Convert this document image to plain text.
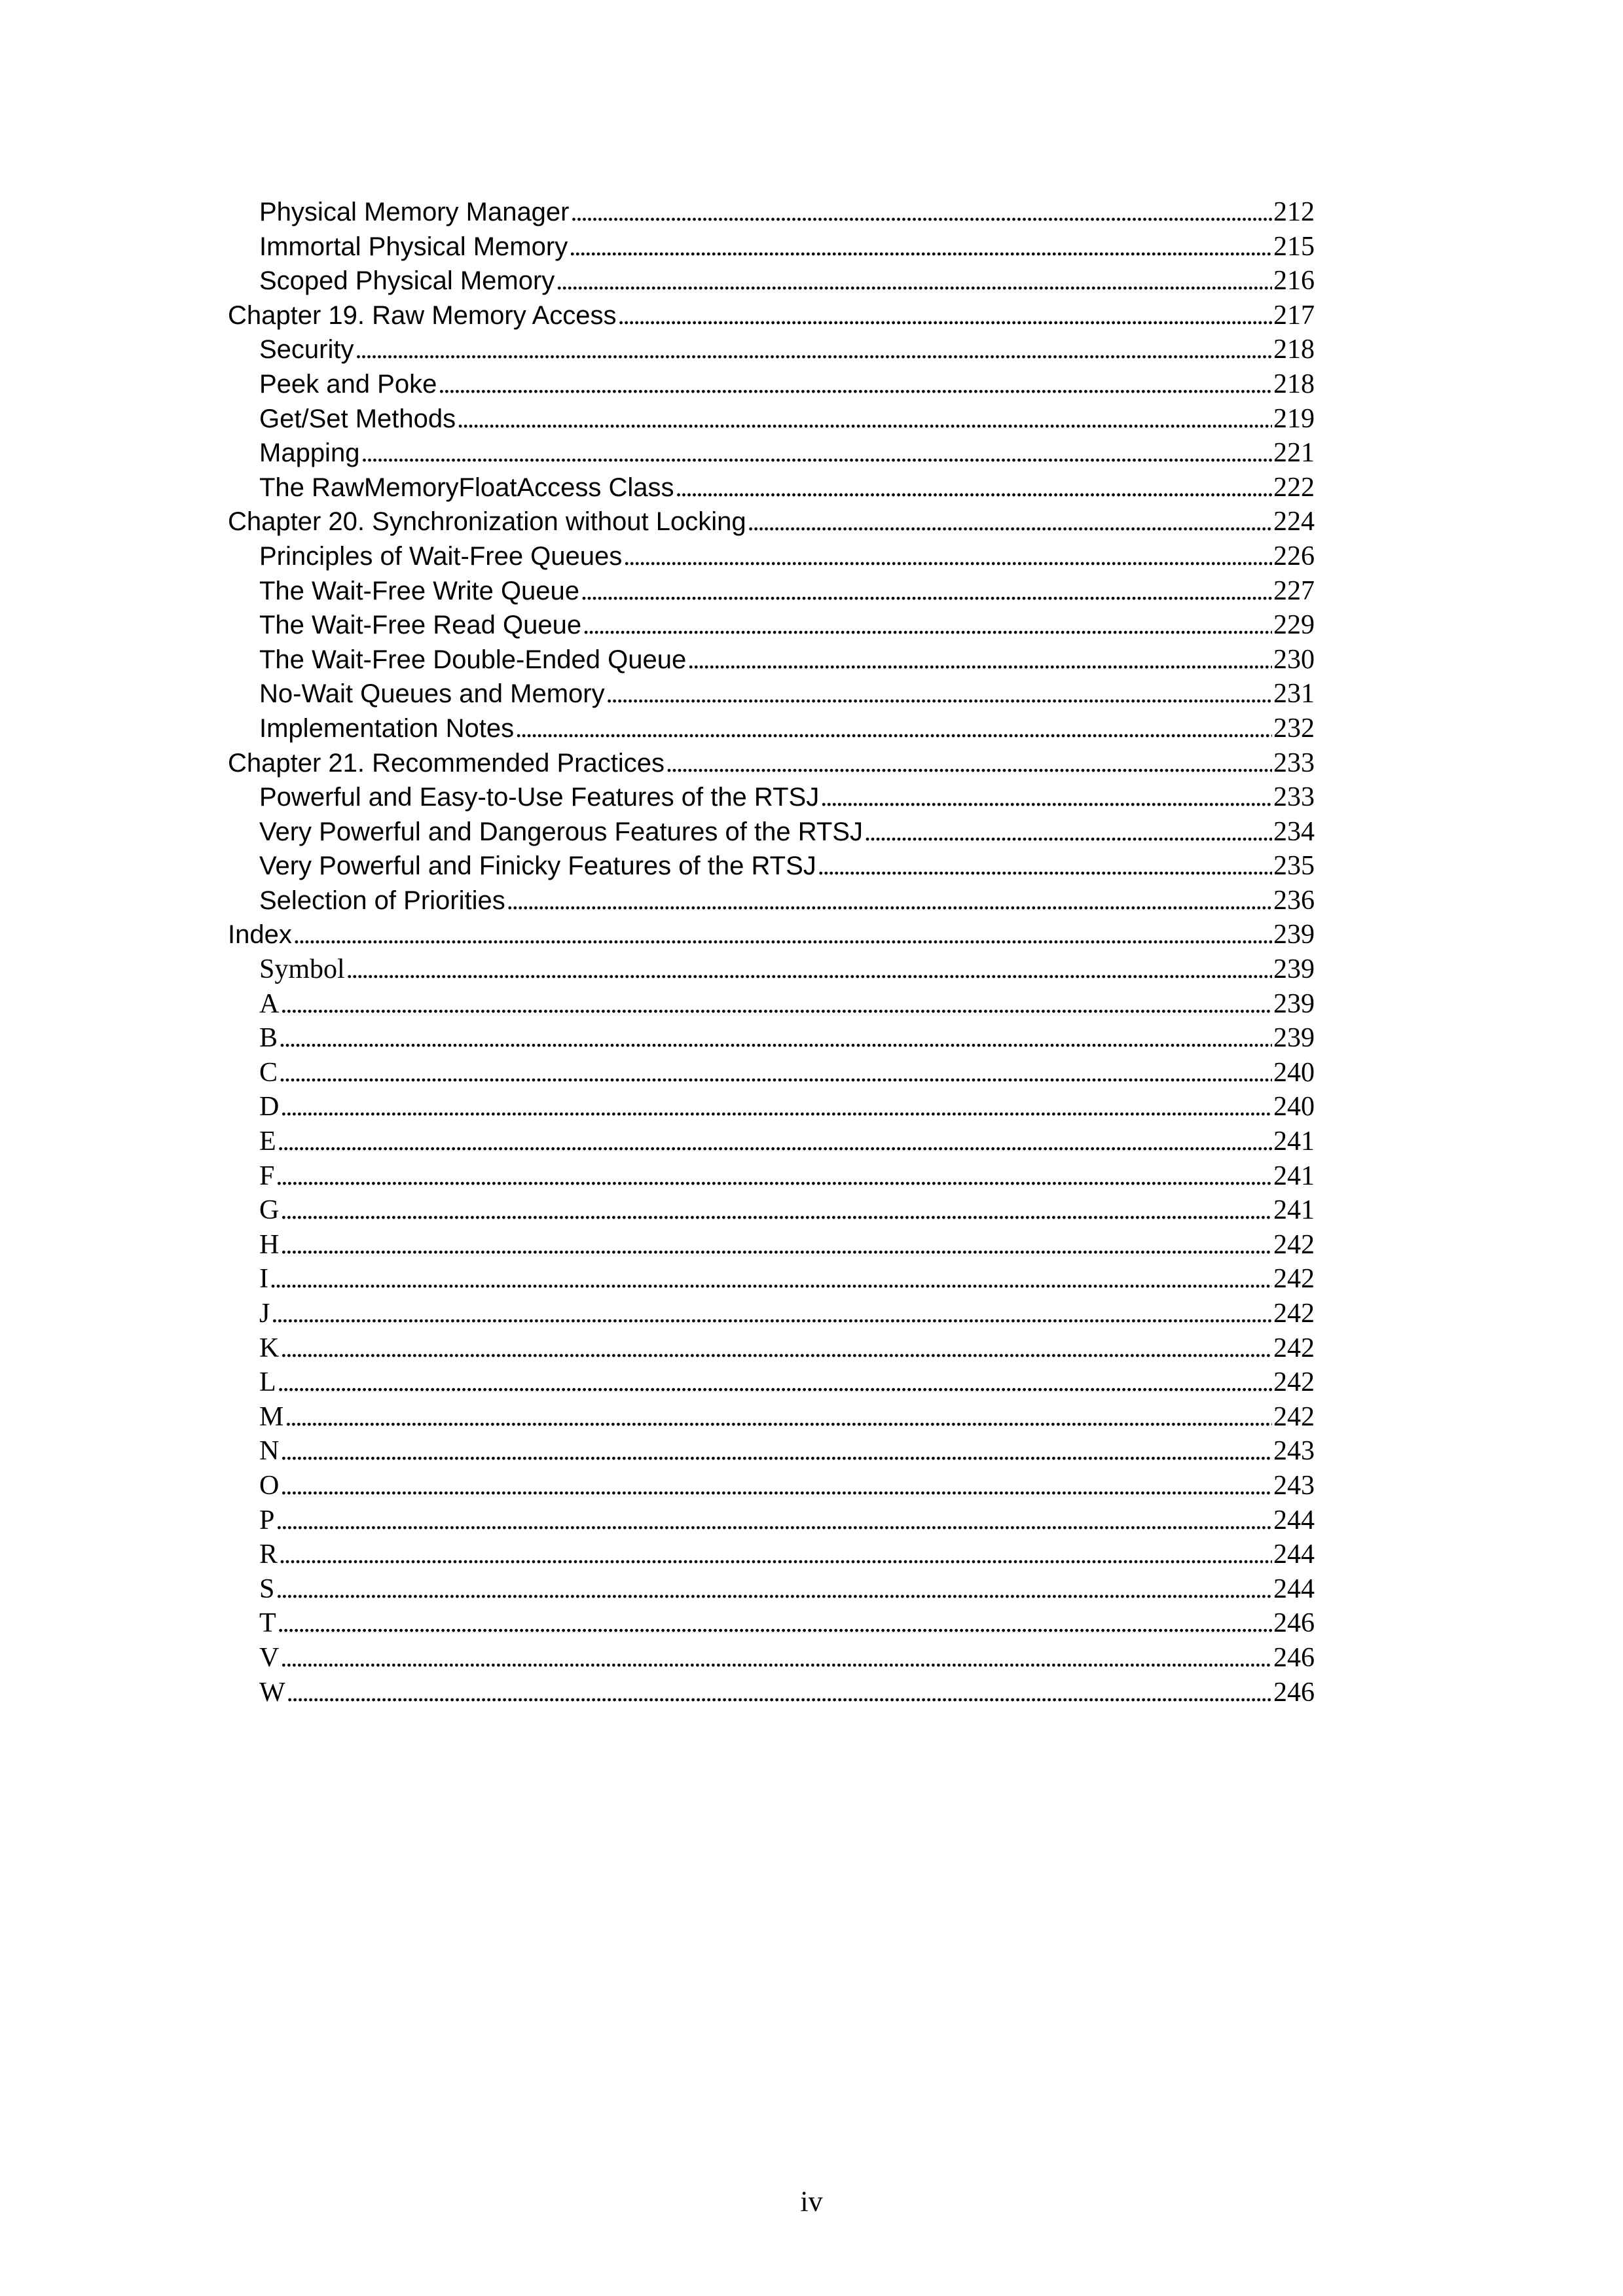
Physical Memory Manager . . .	212
Immortal Physical Memory . . .	215
Scoped Physical Memory . . .	216
Chapter 19. Raw Memory Access . . .	217
Security . . .	218
Peek and Poke . . .	218
Get/Set Methods . . .	219
Mapping . . .	221
The RawMemoryFloatAccess Class . . .	222
Chapter 20. Synchronization without Locking . . .	224
Principles of Wait-Free Queues . . .	226
The Wait-Free Write Queue . . .	227
The Wait-Free Read Queue . . .	229
The Wait-Free Double-Ended Queue . . .	230
No-Wait Queues and Memory . . .	231
Implementation Notes . . .	232
Chapter 21. Recommended Practices . . .	233
Powerful and Easy-to-Use Features of the RTSJ . . .	233
Very Powerful and Dangerous Features of the RTSJ . . .	234
Very Powerful and Finicky Features of the RTSJ . . .	235
Selection of Priorities . . .	236
Index . . .	239
Symbol . . .	239
A . . .	239
B . . .	239
C . . .	240
D . . .	240
E . . .	241
F . . .	241
G . . .	241
H . . .	242
I . . .	242
J . . .	242
K . . .	242
L . . .	242
M . . .	242
N . . .	243
O . . .	243
P . . .	244
R . . .	244
S . . .	244
T . . .	246
V . . .	246
W . . .	246
iv
